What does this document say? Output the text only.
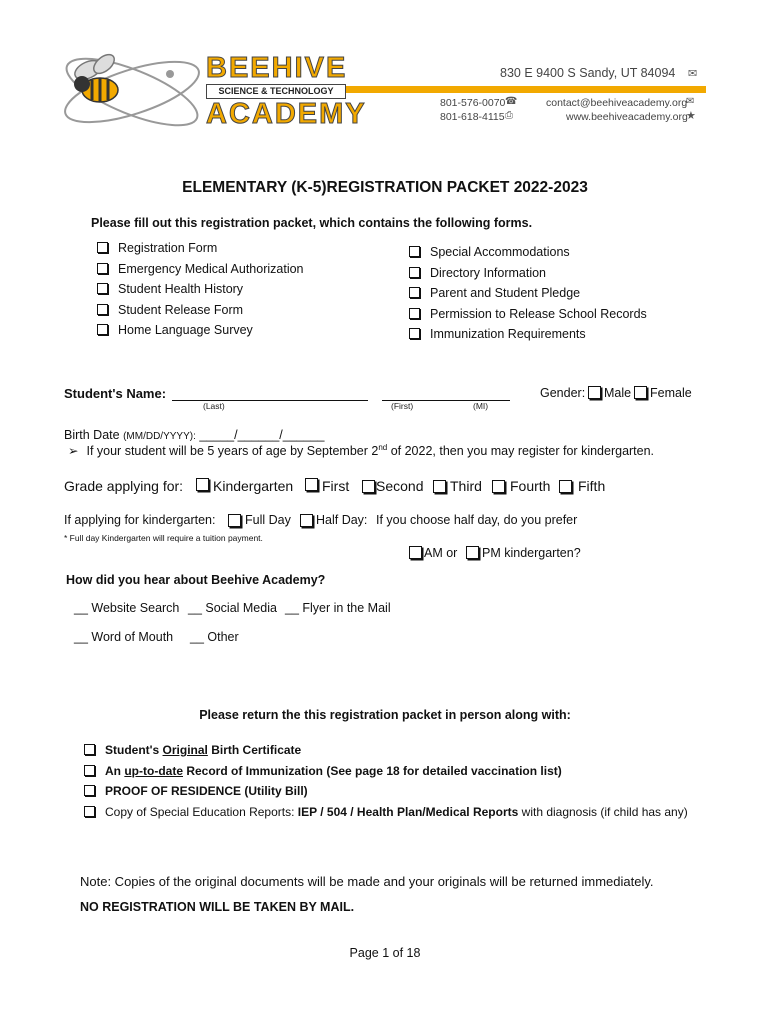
BEEHIVE
SCIENCE & TECHNOLOGY
ACADEMY
830 E 9400 S Sandy, UT 84094 ✉
801-576-0070 ☎
801-618-4115 ⎙
contact@beehiveacademy.org
✉
www.beehiveacademy.org
★
ELEMENTARY (K-5)REGISTRATION PACKET 2022-2023
Please fill out this registration packet, which contains the following forms.
Registration Form
Emergency Medical Authorization
Student Health History
Student Release Form
Home Language Survey
Special Accommodations
Directory Information
Parent and Student Pledge
Permission to Release School Records
Immunization Requirements
Student's Name:
(Last)	(First)	(MI)
Gender: Male Female
Birth Date (MM/DD/YYYY): _____/______/______
➢ If your student will be 5 years of age by September 2nd of 2022, then you may register for kindergarten.
Grade applying for: Kindergarten First Second Third Fourth Fifth
If applying for kindergarten: Full Day Half Day: If you choose half day, do you prefer
* Full day Kindergarten will require a tuition payment.
AM or PM kindergarten?
How did you hear about Beehive Academy?
__ Website Search __ Social Media __ Flyer in the Mail
__ Word of Mouth __ Other
Please return the this registration packet in person along with:
Student's Original Birth Certificate
An up-to-date Record of Immunization (See page 18 for detailed vaccination list)
PROOF OF RESIDENCE (Utility Bill)
Copy of Special Education Reports: IEP / 504 / Health Plan/Medical Reports with diagnosis (if child has any)
Note: Copies of the original documents will be made and your originals will be returned immediately.
NO REGISTRATION WILL BE TAKEN BY MAIL.
Page 1 of 18
